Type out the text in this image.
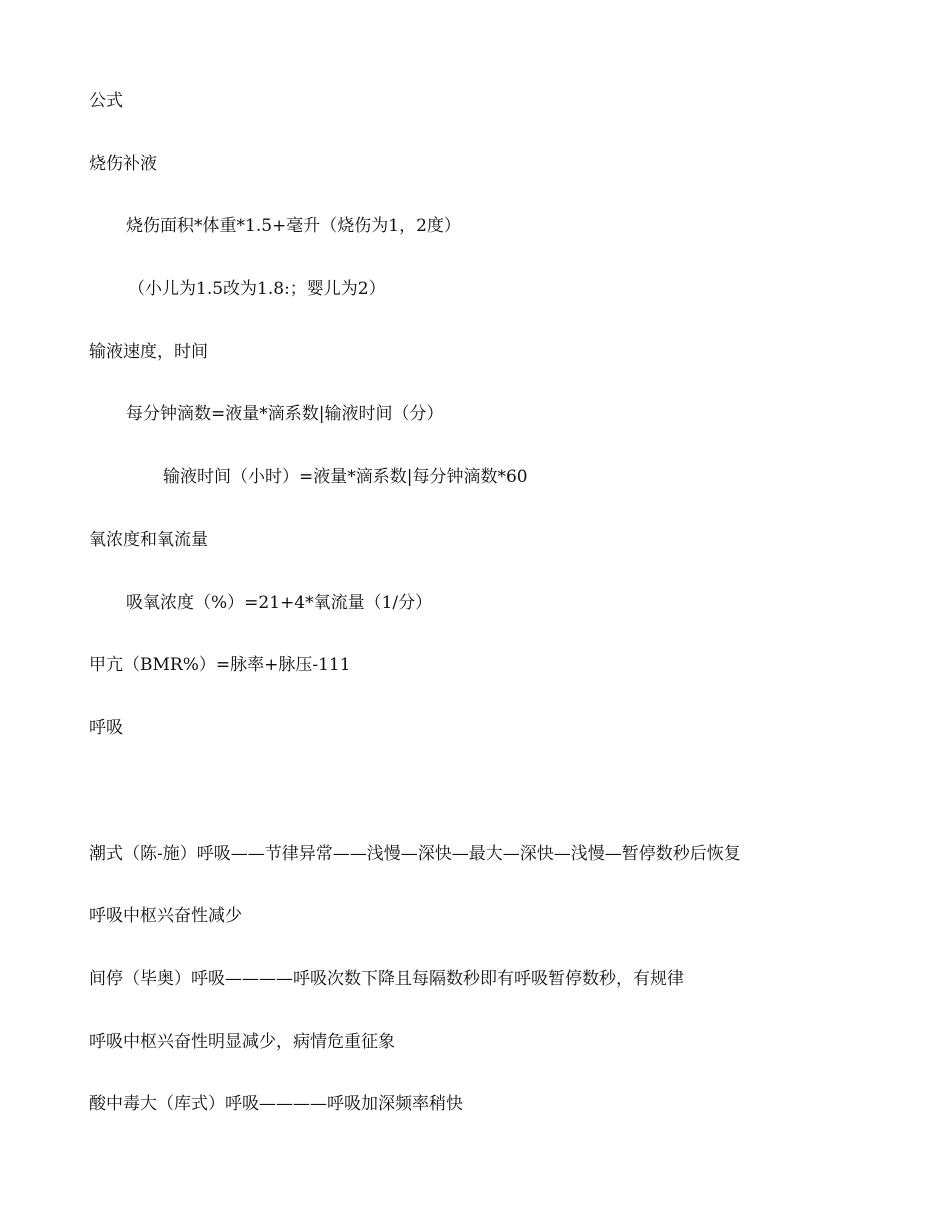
公式
烧伤补液
烧伤面积*体重*1.5+毫升（烧伤为1，2度）
（小儿为1.5改为1.8:；婴儿为2）
输液速度，时间
每分钟滴数=液量*滴系数|输液时间（分）
输液时间（小时）=液量*滴系数|每分钟滴数*60
氧浓度和氧流量
吸氧浓度（%）=21+4*氧流量（1/分）
甲亢（BMR%）=脉率+脉压-111
呼吸
潮式（陈-施）呼吸——节律异常——浅慢—深快—最大—深快—浅慢—暂停数秒后恢复
呼吸中枢兴奋性减少
间停（毕奥）呼吸————呼吸次数下降且每隔数秒即有呼吸暂停数秒，有规律
呼吸中枢兴奋性明显减少，病情危重征象
酸中毒大（库式）呼吸————呼吸加深频率稍快
